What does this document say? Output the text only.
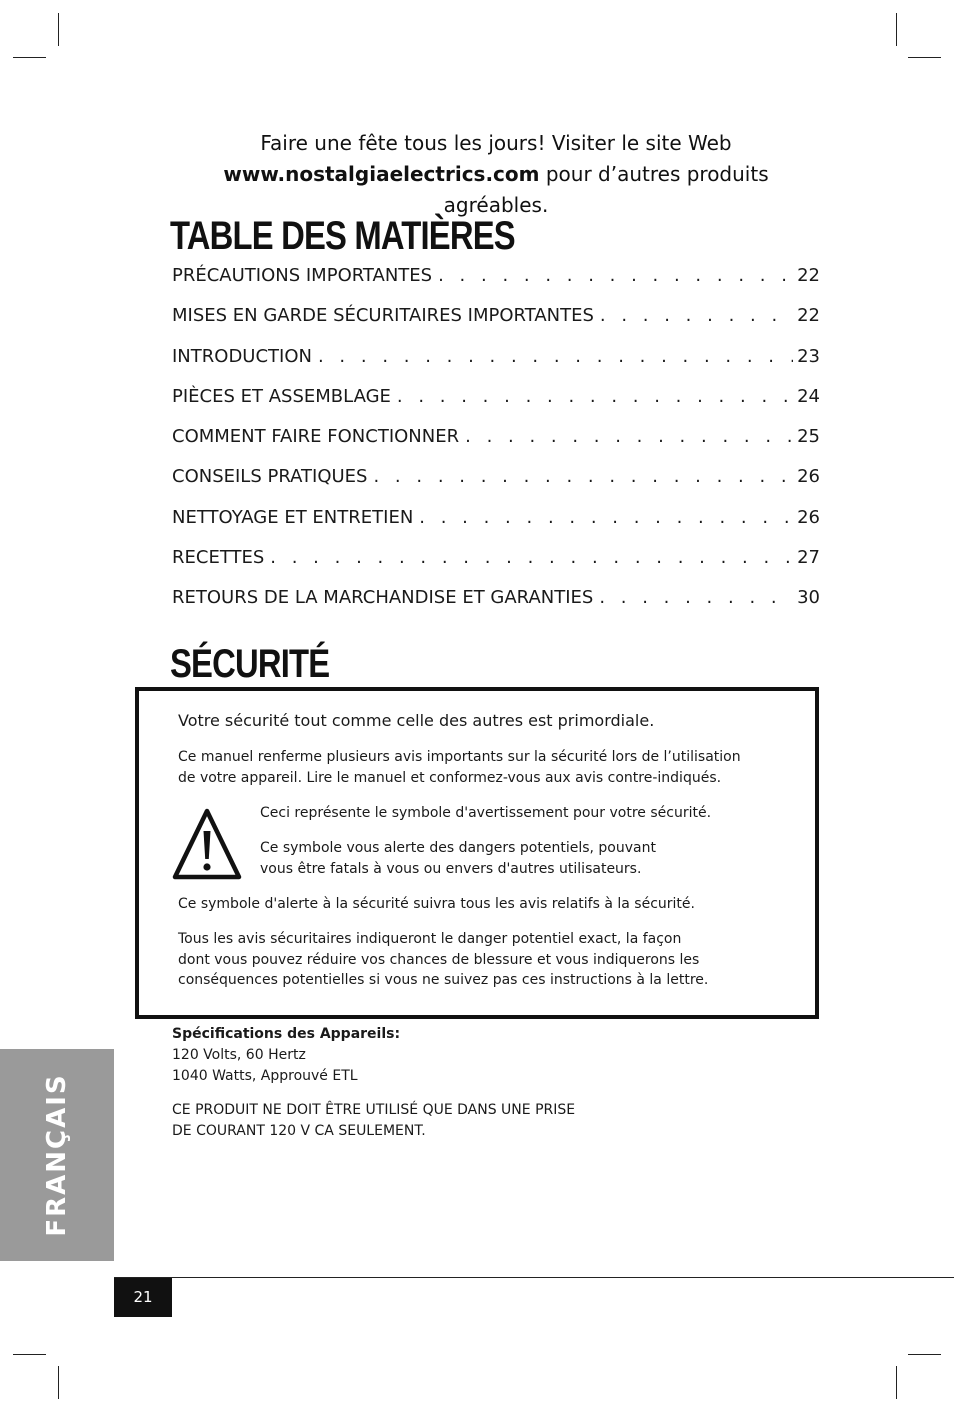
Faire une fête tous les jours! Visiter le site Web
www.nostalgiaelectrics.com pour d’autres produits agréables.
TABLE DES MATIÈRES
PRÉCAUTIONS IMPORTANTES . . .	22
MISES EN GARDE SÉCURITAIRES IMPORTANTES . . .	22
INTRODUCTION . . .	23
PIÈCES ET ASSEMBLAGE . . .	24
COMMENT FAIRE FONCTIONNER . . .	25
CONSEILS PRATIQUES . . .	26
NETTOYAGE ET ENTRETIEN . . .	26
RECETTES . . .	27
RETOURS DE LA MARCHANDISE ET GARANTIES . . .	30
SÉCURITÉ
Votre sécurité tout comme celle des autres est primordiale.
Ce manuel renferme plusieurs avis importants sur la sécurité lors de l’utilisation
de votre appareil. Lire le manuel et conformez-vous aux avis contre-indiqués.
Ceci représente le symbole d'avertissement pour votre sécurité.
Ce symbole vous alerte des dangers potentiels, pouvant
vous être fatals à vous ou envers d'autres utilisateurs.
Ce symbole d'alerte à la sécurité suivra tous les avis relatifs à la sécurité.
Tous les avis sécuritaires indiqueront le danger potentiel exact, la façon
dont vous pouvez réduire vos chances de blessure et vous indiquerons les
conséquences potentielles si vous ne suivez pas ces instructions à la lettre.
Spécifications des Appareils:
120 Volts, 60 Hertz
1040 Watts, Approuvé ETL
CE PRODUIT NE DOIT ÊTRE UTILISÉ QUE DANS UNE PRISE
DE COURANT 120 V CA SEULEMENT.
FRANÇAIS
21
